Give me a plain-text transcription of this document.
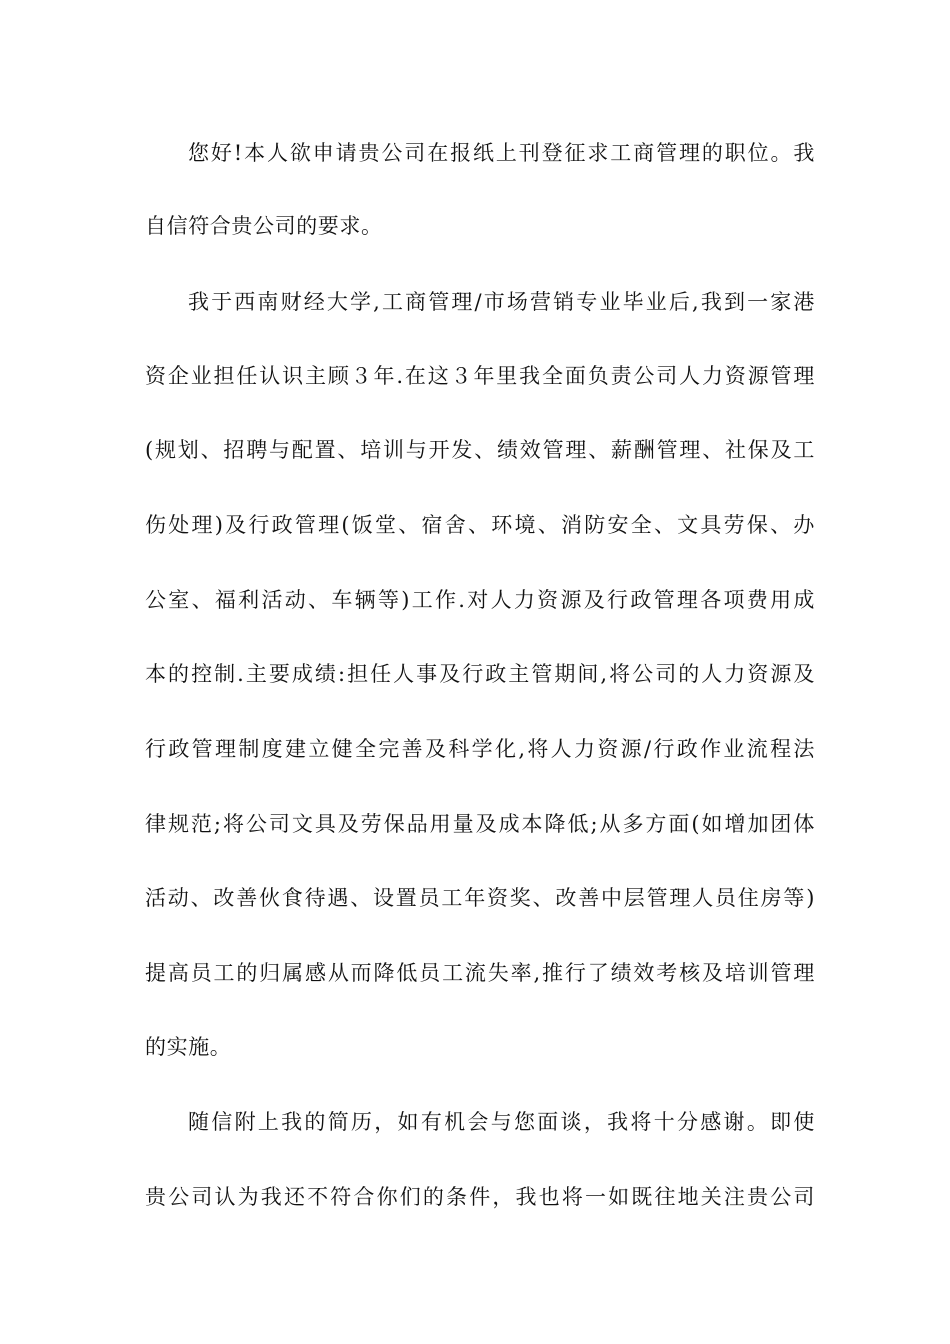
您好!本人欲申请贵公司在报纸上刊登征求工商管理的职位。我
自信符合贵公司的要求。
我于西南财经大学,工商管理/市场营销专业毕业后,我到一家港
资企业担任认识主顾３年.在这３年里我全面负责公司人力资源管理
(规划、招聘与配置、培训与开发、绩效管理、薪酬管理、社保及工
伤处理)及行政管理(饭堂、宿舍、环境、消防安全、文具劳保、办
公室、福利活动、车辆等)工作.对人力资源及行政管理各项费用成
本的控制.主要成绩:担任人事及行政主管期间,将公司的人力资源及
行政管理制度建立健全完善及科学化,将人力资源/行政作业流程法
律规范;将公司文具及劳保品用量及成本降低;从多方面(如增加团体
活动、改善伙食待遇、设置员工年资奖、改善中层管理人员住房等)
提高员工的归属感从而降低员工流失率,推行了绩效考核及培训管理
的实施。
随信附上我的简历，如有机会与您面谈，我将十分感谢。即使
贵公司认为我还不符合你们的条件，我也将一如既往地关注贵公司
